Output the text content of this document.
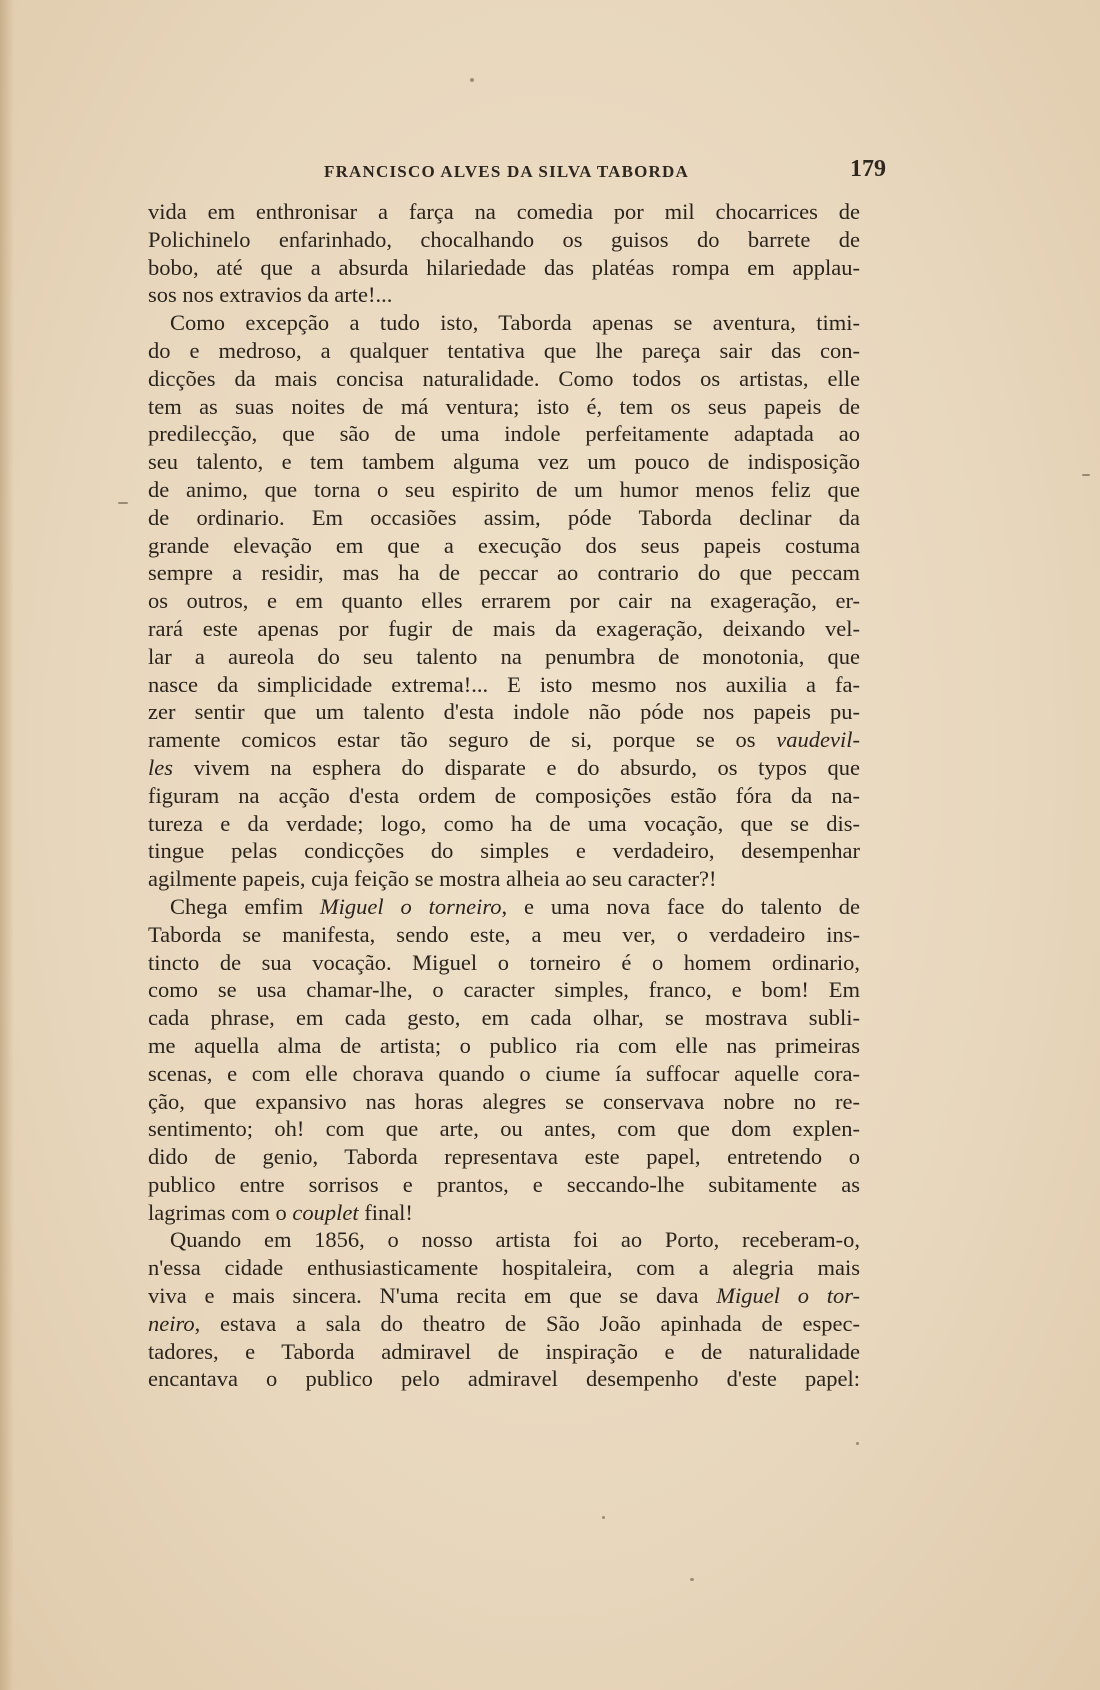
FRANCISCO ALVES DA SILVA TABORDA	179
vida em enthronisar a farça na comedia por mil chocarrices de
Polichinelo enfarinhado, chocalhando os guisos do barrete de
bobo, até que a absurda hilariedade das platéas rompa em applau-
sos nos extravios da arte!...
Como excepção a tudo isto, Taborda apenas se aventura, timi-
do e medroso, a qualquer tentativa que lhe pareça sair das con-
dicções da mais concisa naturalidade. Como todos os artistas, elle
tem as suas noites de má ventura; isto é, tem os seus papeis de
predilecção, que são de uma indole perfeitamente adaptada ao
seu talento, e tem tambem alguma vez um pouco de indisposição
de animo, que torna o seu espirito de um humor menos feliz que
de ordinario. Em occasiões assim, póde Taborda declinar da
grande elevação em que a execução dos seus papeis costuma
sempre a residir, mas ha de peccar ao contrario do que peccam
os outros, e em quanto elles errarem por cair na exageração, er-
rará este apenas por fugir de mais da exageração, deixando vel-
lar a aureola do seu talento na penumbra de monotonia, que
nasce da simplicidade extrema!... E isto mesmo nos auxilia a fa-
zer sentir que um talento d'esta indole não póde nos papeis pu-
ramente comicos estar tão seguro de si, porque se os vaudevil-
les vivem na esphera do disparate e do absurdo, os typos que
figuram na acção d'esta ordem de composições estão fóra da na-
tureza e da verdade; logo, como ha de uma vocação, que se dis-
tingue pelas condicções do simples e verdadeiro, desempenhar
agilmente papeis, cuja feição se mostra alheia ao seu caracter?!
Chega emfim Miguel o torneiro, e uma nova face do talento de
Taborda se manifesta, sendo este, a meu ver, o verdadeiro ins-
tincto de sua vocação. Miguel o torneiro é o homem ordinario,
como se usa chamar-lhe, o caracter simples, franco, e bom! Em
cada phrase, em cada gesto, em cada olhar, se mostrava subli-
me aquella alma de artista; o publico ria com elle nas primeiras
scenas, e com elle chorava quando o ciume ía suffocar aquelle cora-
ção, que expansivo nas horas alegres se conservava nobre no re-
sentimento; oh! com que arte, ou antes, com que dom explen-
dido de genio, Taborda representava este papel, entretendo o
publico entre sorrisos e prantos, e seccando-lhe subitamente as
lagrimas com o couplet final!
Quando em 1856, o nosso artista foi ao Porto, receberam-o,
n'essa cidade enthusiasticamente hospitaleira, com a alegria mais
viva e mais sincera. N'uma recita em que se dava Miguel o tor-
neiro, estava a sala do theatro de São João apinhada de espec-
tadores, e Taborda admiravel de inspiração e de naturalidade
encantava o publico pelo admiravel desempenho d'este papel:
